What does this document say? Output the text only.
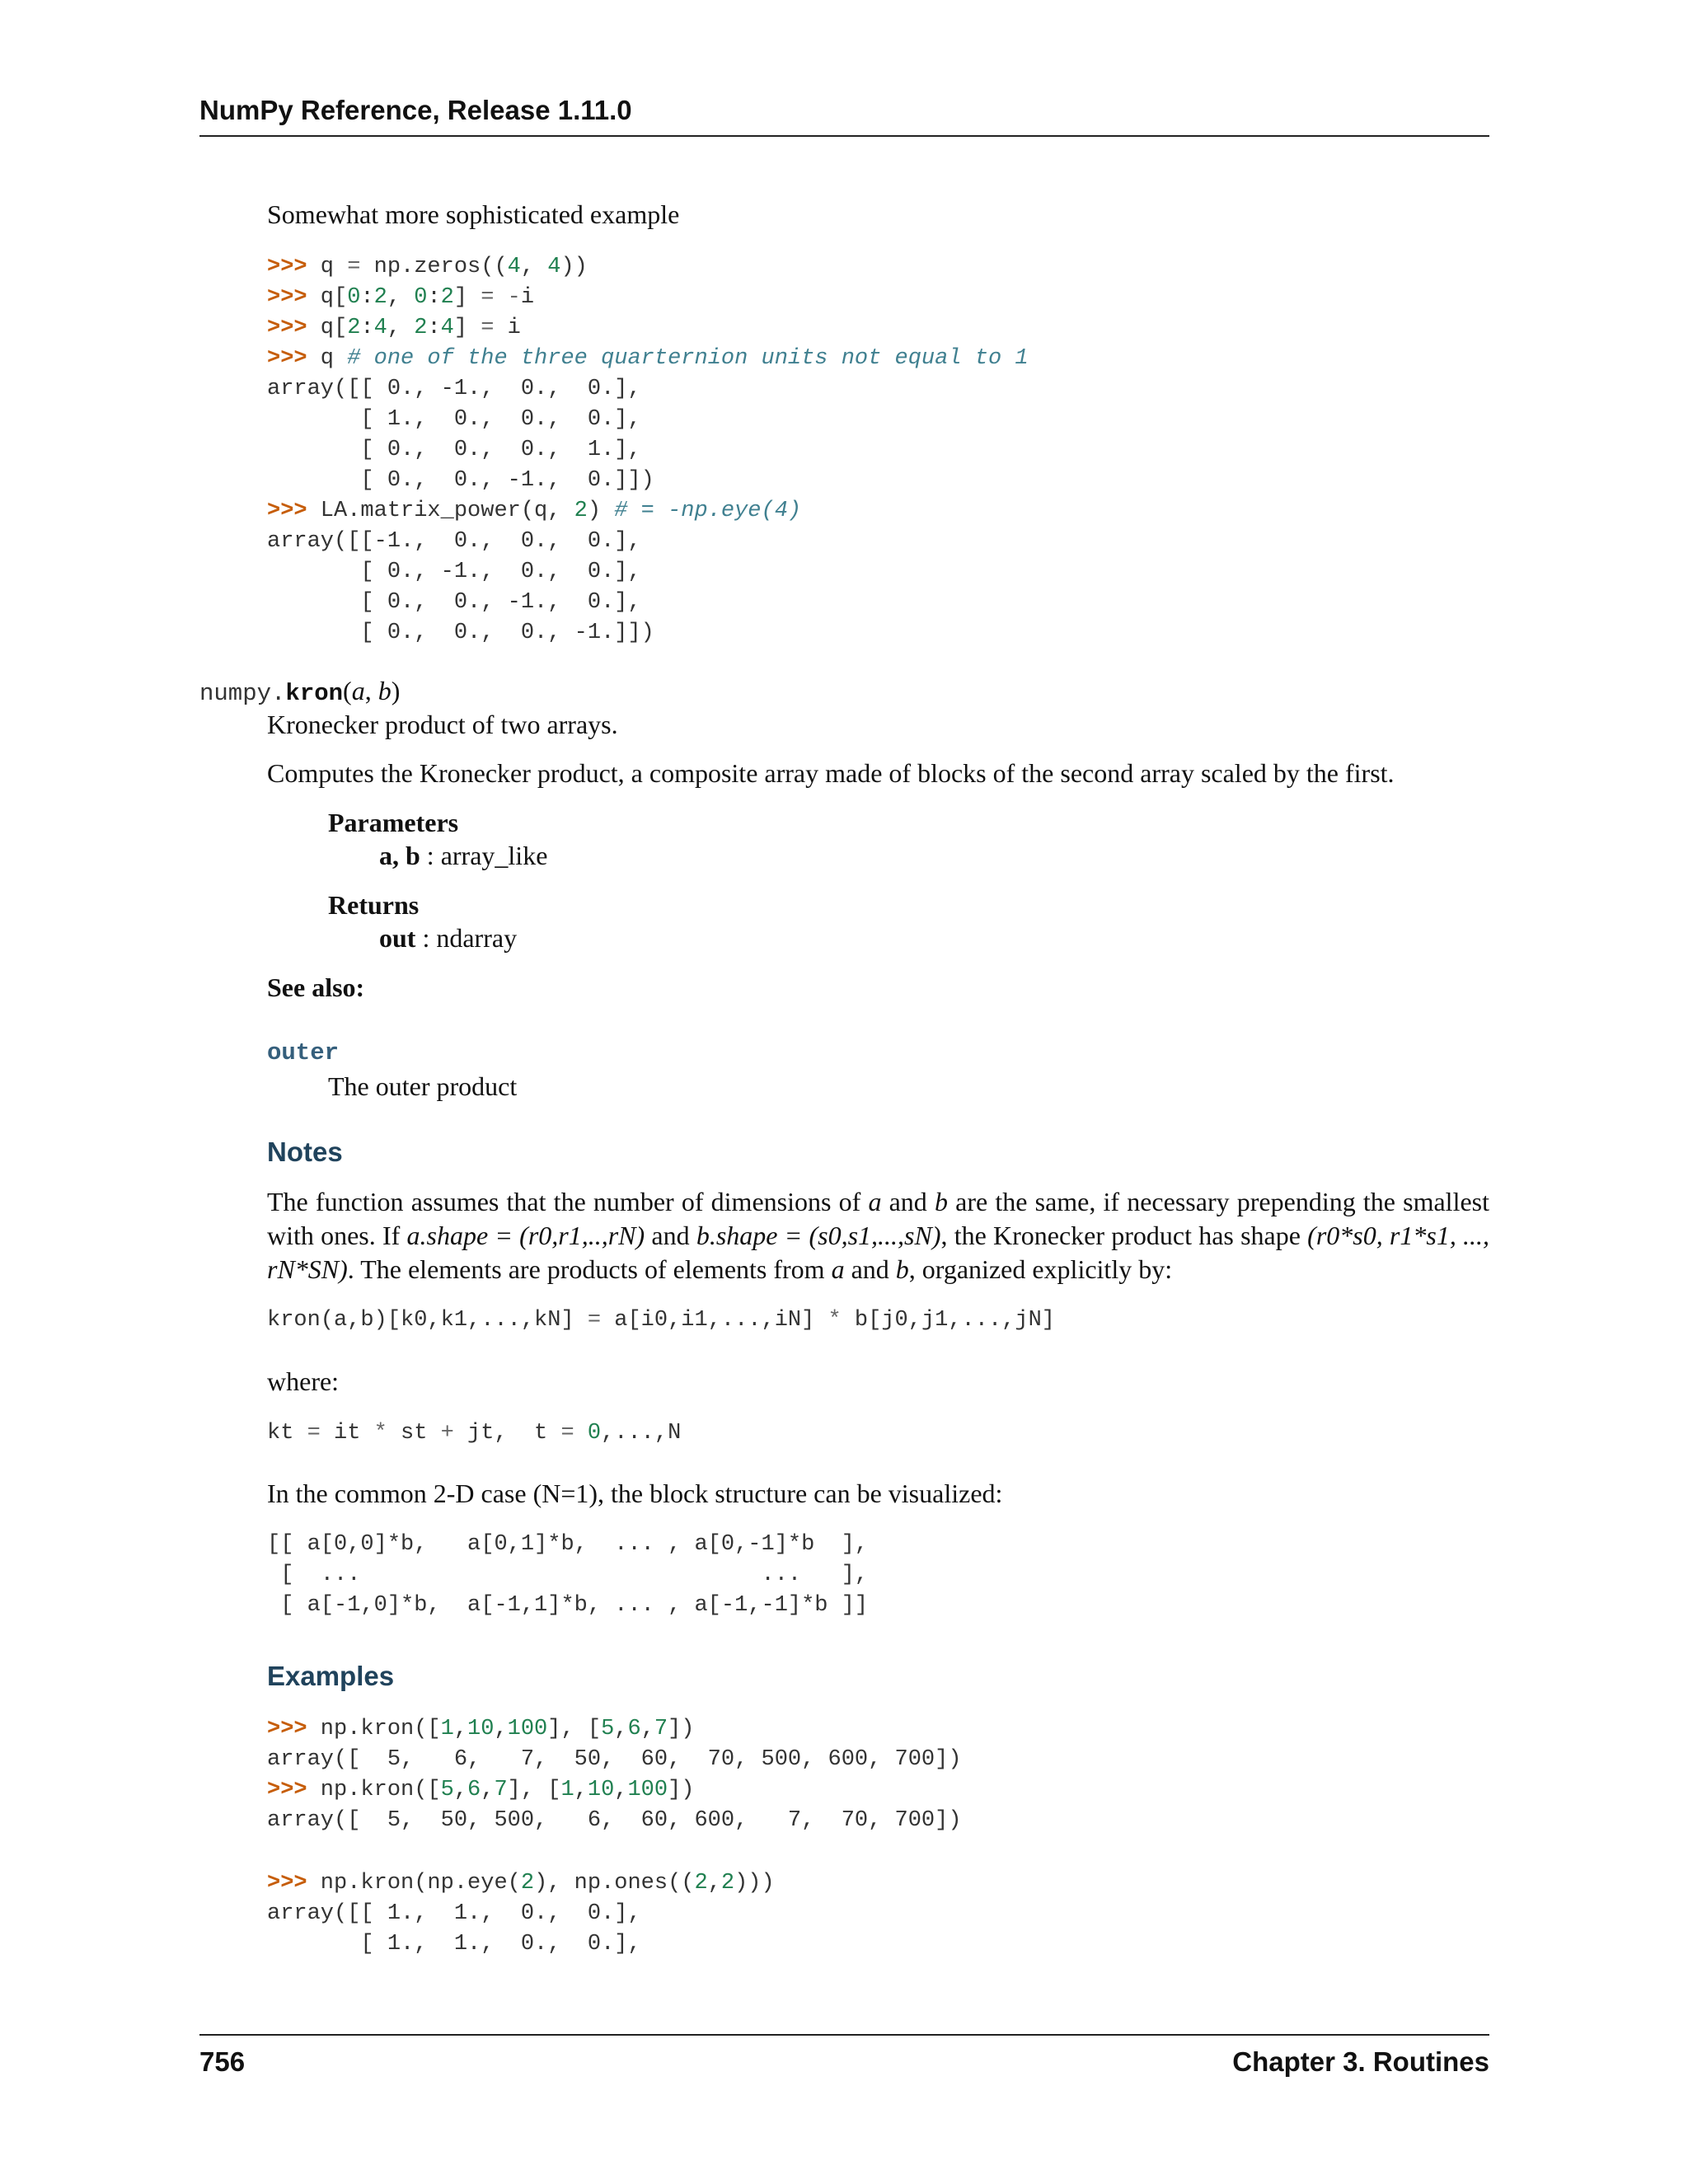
NumPy Reference, Release 1.11.0

Somewhat more sophisticated example

>>> q = np.zeros((4, 4))
>>> q[0:2, 0:2] = -i
>>> q[2:4, 2:4] = i
>>> q # one of the three quarternion units not equal to 1
array([[ 0., -1.,  0.,  0.],
[ 1.,  0.,  0.,  0.],
[ 0.,  0.,  0.,  1.],
[ 0.,  0., -1.,  0.]])
>>> LA.matrix_power(q, 2) # = -np.eye(4)
array([[-1.,  0.,  0.,  0.],
[ 0., -1.,  0.,  0.],
[ 0.,  0., -1.,  0.],
[ 0.,  0.,  0., -1.]])
numpy.kron(a, b)

Kronecker product of two arrays.

Computes the Kronecker product, a composite array made of blocks of the second array scaled by the first.

Parameters
a, b : array_like
Returns
out : ndarray
See also:
outer
The outer product
Notes

The function assumes that the number of dimensions of a and b are the same, if necessary prepending the smallest with ones. If a.shape = (r0,r1,..,rN) and b.shape = (s0,s1,...,sN), the Kronecker product has shape (r0*s0, r1*s1, ..., rN*SN). The elements are products of elements from a and b, organized explicitly by:

kron(a,b)[k0,k1,...,kN] = a[i0,i1,...,iN] * b[j0,j1,...,jN]

where:

kt = it * st + jt,  t = 0,...,N

In the common 2-D case (N=1), the block structure can be visualized:

[[ a[0,0]*b,   a[0,1]*b,  ... , a[0,-1]*b  ],
[  ...                              ...   ],
[ a[-1,0]*b,  a[-1,1]*b, ... , a[-1,-1]*b ]]
Examples
>>> np.kron([1,10,100], [5,6,7])
array([  5,   6,   7,  50,  60,  70, 500, 600, 700])
>>> np.kron([5,6,7], [1,10,100])
array([  5,  50, 500,   6,  60, 600,   7,  70, 700])
>>> np.kron(np.eye(2), np.ones((2,2)))
array([[ 1.,  1.,  0.,  0.],
[ 1.,  1.,  0.,  0.],
756	Chapter 3. Routines
